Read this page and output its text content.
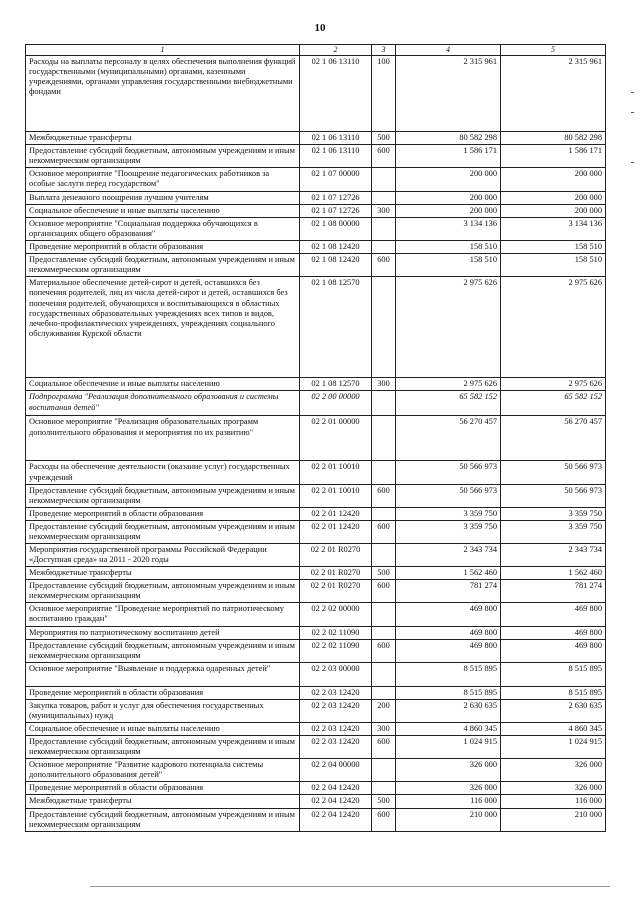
10
1	2	3	4	5
Расходы на выплаты персоналу в целях обеспечения выполнения функций государственными (муниципальными) органами, казенными учреждениями, органами управления государственными внебюджетными фондами	02 1 06 13110	100	2 315 961	2 315 961
Межбюджетные трансферты	02 1 06 13110	500	80 582 298	80 582 298
Предоставление субсидий бюджетным, автономным учреждениям и иным некоммерческим организациям	02 1 06 13110	600	1 586 171	1 586 171
Основное мероприятие "Поощрение педагогических работников за особые заслуги перед государством"	02 1 07 00000		200 000	200 000
Выплата денежного поощрения лучшим учителям	02 1 07 12726		200 000	200 000
Социальное обеспечение и иные выплаты населению	02 1 07 12726	300	200 000	200 000
Основное мероприятие "Социальная поддержка обучающихся в организациях общего образования"	02 1 08 00000		3 134 136	3 134 136
Проведение мероприятий в области образования	02 1 08 12420		158 510	158 510
Предоставление субсидий бюджетным, автономным учреждениям и иным некоммерческим организациям	02 1 08 12420	600	158 510	158 510
Материальное обеспечение детей-сирот и детей, оставшихся без попечения родителей, лиц из числа детей-сирот и детей, оставшихся без попечения родителей, обучающихся и воспитывающихся в областных государственных образовательных учреждениях всех типов и видов, лечебно-профилактических учреждениях, учреждениях социального обслуживания Курской области	02 1 08 12570		2 975 626	2 975 626
Социальное обеспечение и иные выплаты населению	02 1 08 12570	300	2 975 626	2 975 626
Подпрограмма "Реализация дополнительного образования и системы воспитания детей"	02 2 00 00000		65 582 152	65 582 152
Основное мероприятие "Реализация образовательных программ дополнительного образования и мероприятия по их развитию"	02 2 01 00000		56 270 457	56 270 457
Расходы на обеспечение деятельности (оказание услуг) государственных учреждений	02 2 01 10010		50 566 973	50 566 973
Предоставление субсидий бюджетным, автономным учреждениям и иным некоммерческим организациям	02 2 01 10010	600	50 566 973	50 566 973
Проведение мероприятий в области образования	02 2 01 12420		3 359 750	3 359 750
Предоставление субсидий бюджетным, автономным учреждениям и иным некоммерческим организациям	02 2 01 12420	600	3 359 750	3 359 750
Мероприятия государственной программы Российской Федерации «Доступная среда» на 2011 - 2020 годы	02 2 01 R0270		2 343 734	2 343 734
Межбюджетные трансферты	02 2 01 R0270	500	1 562 460	1 562 460
Предоставление субсидий бюджетным, автономным учреждениям и иным некоммерческим организациям	02 2 01 R0270	600	781 274	781 274
Основное мероприятие "Проведение мероприятий по патриотическому воспитанию граждан"	02 2 02 00000		469 800	469 800
Мероприятия по патриотическому воспитанию детей	02 2 02 11090		469 800	469 800
Предоставление субсидий бюджетным, автономным учреждениям и иным некоммерческим организациям	02 2 02 11090	600	469 800	469 800
Основное мероприятие "Выявление и поддержка одаренных детей"	02 2 03 00000		8 515 895	8 515 895
Проведение мероприятий в области образования	02 2 03 12420		8 515 895	8 515 895
Закупка товаров, работ и услуг для обеспечения государственных (муниципальных) нужд	02 2 03 12420	200	2 630 635	2 630 635
Социальное обеспечение и иные выплаты населению	02 2 03 12420	300	4 860 345	4 860 345
Предоставление субсидий бюджетным, автономным учреждениям и иным некоммерческим организациям	02 2 03 12420	600	1 024 915	1 024 915
Основное мероприятие "Развитие кадрового потенциала системы дополнительного образования детей"	02 2 04 00000		326 000	326 000
Проведение мероприятий в области образования	02 2 04 12420		326 000	326 000
Межбюджетные трансферты	02 2 04 12420	500	116 000	116 000
Предоставление субсидий бюджетным, автономным учреждениям и иным некоммерческим организациям	02 2 04 12420	600	210 000	210 000
